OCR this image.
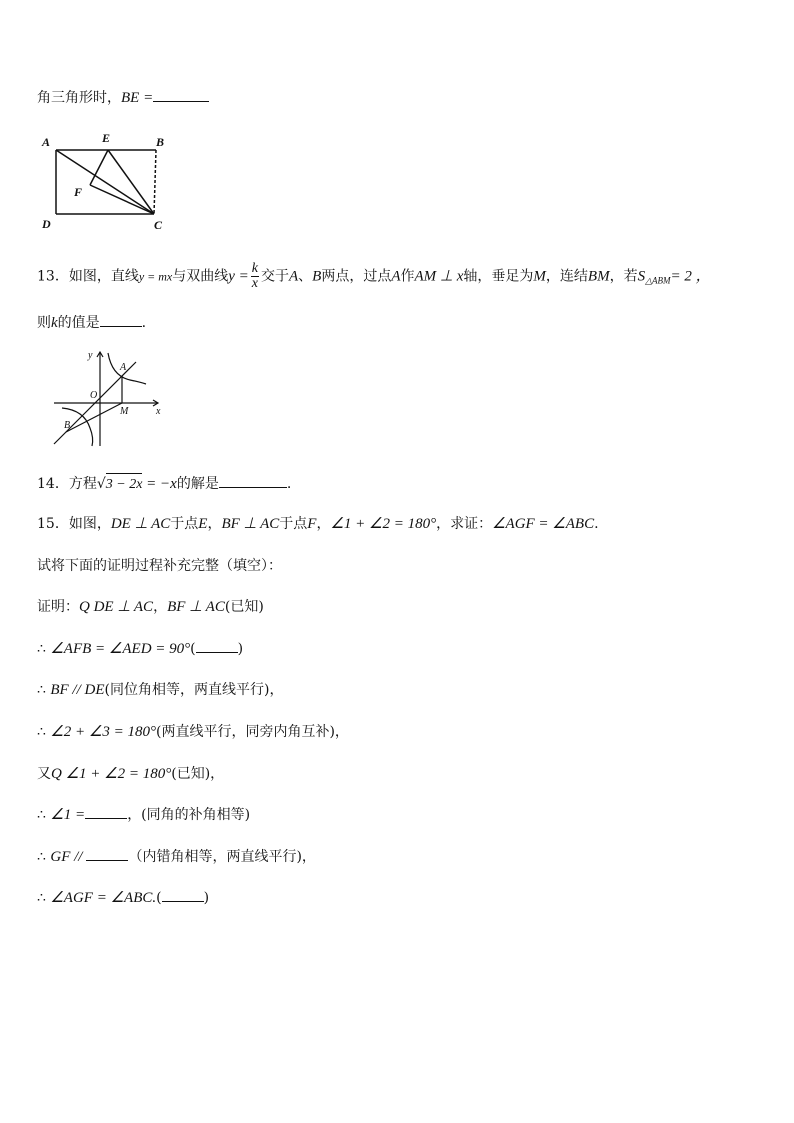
角三角形时，BE =
A	E	B
F
D	C
13．如图，直线y = mx与双曲线$y = \frac{k}{x}$ 交于A、B两点，过点A作AM ⊥ x轴，垂足为M，连结BM，若$S_{\triangle ABM}= 2$ ，
则k的值是	.
y
A
O
M	x
B
14．方程√3 − 2x = −x的解是	.
15．如图，DE ⊥ AC于点E，BF ⊥ AC于点F，∠1 + ∠2 = 180°，求证：∠AGF = ∠ABC.
试将下面的证明过程补充完整（填空）：
证明：Q DE ⊥ AC，BF ⊥ AC(已知)
∴ ∠AFB = ∠AED = 90°(	)
∴ BF // DE(同位角相等，两直线平行)，
∴ ∠2 + ∠3 = 180°(两直线平行，同旁内角互补)，
又Q ∠1 + ∠2 = 180°(已知)，
∴ ∠1 =	，(同角的补角相等)
∴ GF //	（内错角相等，两直线平行)，
∴ ∠AGF = ∠ABC.(	)
